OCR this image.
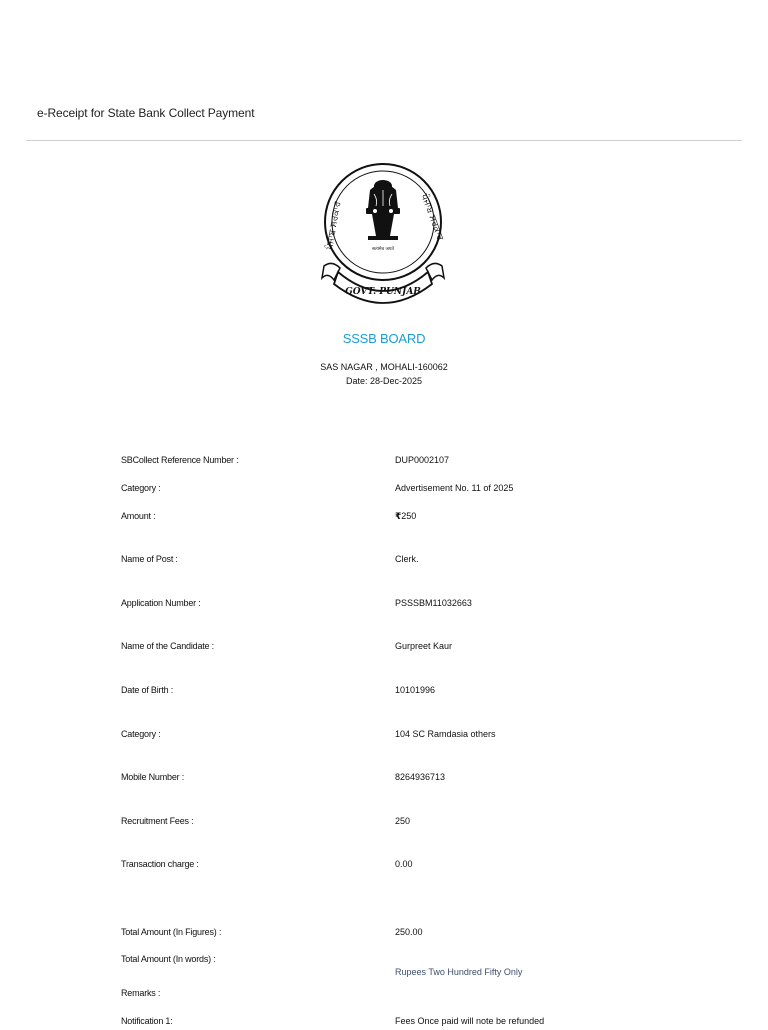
e-Receipt for State Bank Collect Payment
ਪੰਜਾਬ ਸਰਕਾਰ	ਪੰਜਾਬ ਸਰਕਾਰ
सत्यमेव जयते
GOVT. PUNJAB
SSSB BOARD
SAS NAGAR , MOHALI-160062
Date: 28-Dec-2025
SBCollect Reference Number :	DUP0002107
Category :	Advertisement No. 11 of 2025
Amount :	₹250
Name of Post :	Clerk.
Application Number :	PSSSBM11032663
Name of the Candidate :	Gurpreet Kaur
Date of Birth :	10101996
Category :	104 SC Ramdasia others
Mobile Number :	8264936713
Recruitment Fees :	250
Transaction charge :	0.00
Total Amount (In Figures) :	250.00
Total Amount (In words) :
Rupees Two Hundred Fifty Only
Remarks :
Notification 1:	Fees Once paid will note be refunded
